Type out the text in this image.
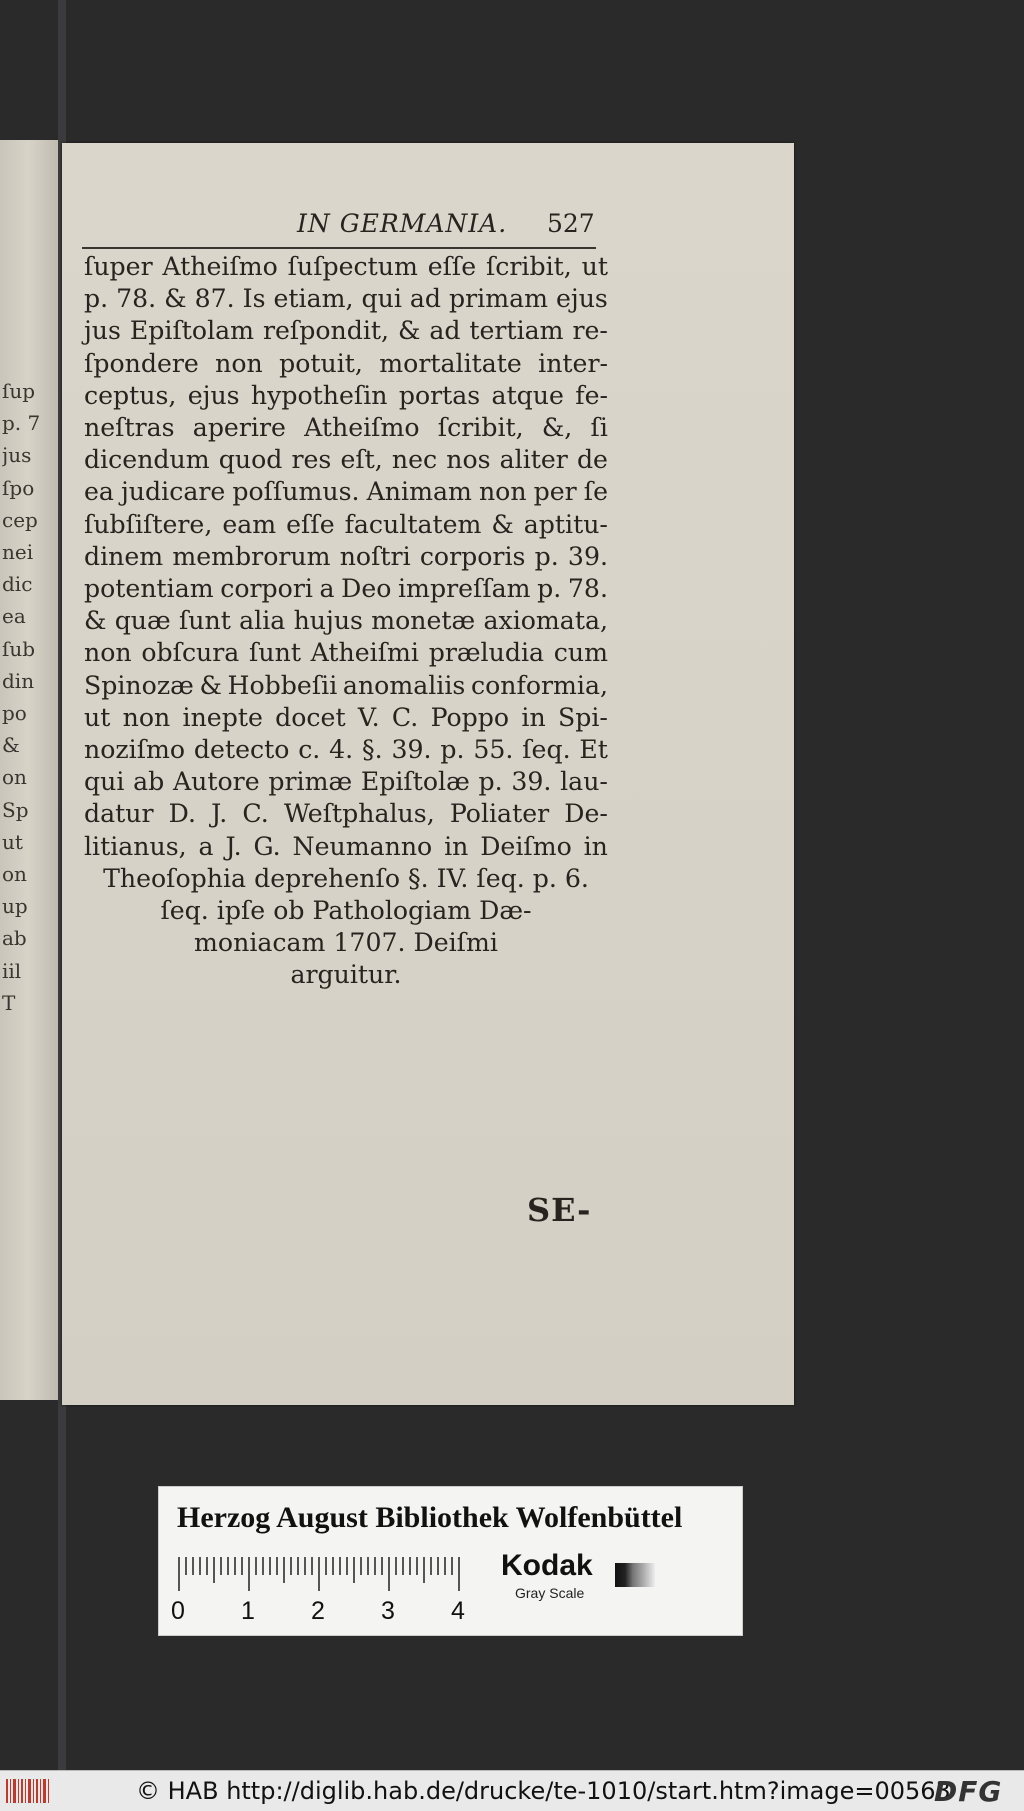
ſup
p. 7
jus
ſpo
cep
nei
dic
ea
ſub
din
po
&
on
Sp
ut
on
up
ab
iil
T
IN GERMANIA. 527
ſuper Atheiſmo ſuſpectum eſſe ſcribit, ut
p. 78. & 87. Is etiam, qui ad primam ejus
jus Epiſtolam reſpondit, & ad tertiam re-
ſpondere non potuit, mortalitate inter-
ceptus, ejus hypotheſin portas atque fe-
neſtras aperire Atheiſmo ſcribit, &, ſi
dicendum quod res eſt, nec nos aliter de
ea judicare poſſumus. Animam non per ſe
ſubſiſtere, eam eſſe facultatem & aptitu-
dinem membrorum noſtri corporis p. 39.
potentiam corpori a Deo impreſſam p. 78.
& quæ ſunt alia hujus monetæ axiomata,
non obſcura ſunt Atheiſmi præludia cum
Spinozæ & Hobbeſii anomaliis conformia,
ut non inepte docet V. C. Poppo in Spi-
noziſmo detecto c. 4. §. 39. p. 55. ſeq. Et
qui ab Autore primæ Epiſtolæ p. 39. lau-
datur D. J. C. Weſtphalus, Poliater De-
litianus, a J. G. Neumanno in Deiſmo in
Theoſophia deprehenſo §. IV. ſeq. p. 6.
ſeq. ipſe ob Pathologiam Dæ-
moniacam 1707. Deiſmi
arguitur.
SE-
Herzog August Bibliothek Wolfenbüttel
0 1 2 3 4
Kodak
Gray Scale
© HAB http://diglib.hab.de/drucke/te-1010/start.htm?image=00563
DFG
